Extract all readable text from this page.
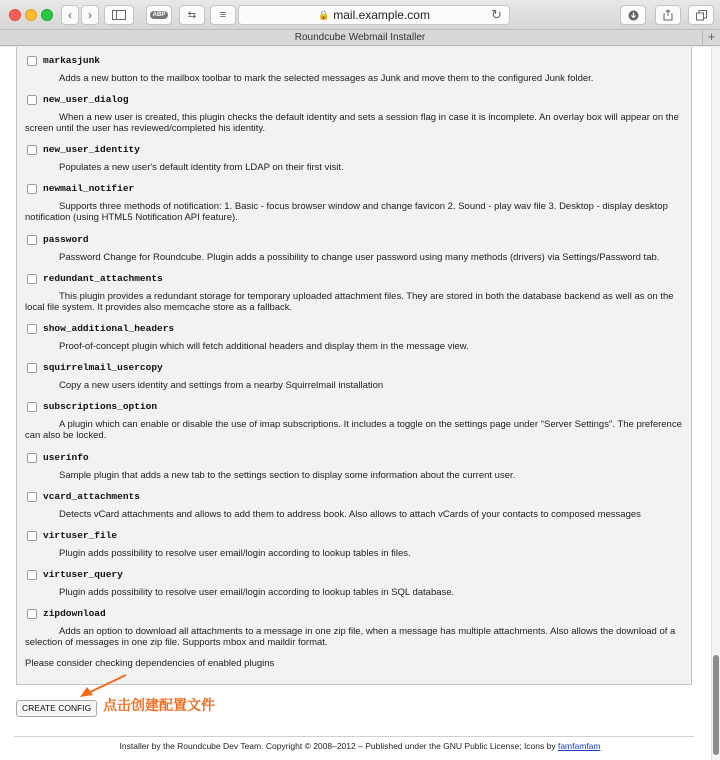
‹ ›	ABP	⇆ ≡	🔒 mail.example.com	↻
Roundcube Webmail Installer	+
markasjunk
Adds a new button to the mailbox toolbar to mark the selected messages as Junk and move them to the configured Junk folder.
new_user_dialog
When a new user is created, this plugin checks the default identity and sets a session flag in case it is incomplete. An overlay box will appear on the screen until the user has reviewed/completed his identity.
new_user_identity
Populates a new user's default identity from LDAP on their first visit.
newmail_notifier
Supports three methods of notification: 1. Basic - focus browser window and change favicon 2. Sound - play wav file 3. Desktop - display desktop notification (using HTML5 Notification API feature).
password
Password Change for Roundcube. Plugin adds a possibility to change user password using many methods (drivers) via Settings/Password tab.
redundant_attachments
This plugin provides a redundant storage for temporary uploaded attachment files. They are stored in both the database backend as well as on the local file system. It provides also memcache store as a fallback.
show_additional_headers
Proof-of-concept plugin which will fetch additional headers and display them in the message view.
squirrelmail_usercopy
Copy a new users identity and settings from a nearby Squirrelmail installation
subscriptions_option
A plugin which can enable or disable the use of imap subscriptions. It includes a toggle on the settings page under "Server Settings". The preference can also be locked.
userinfo
Sample plugin that adds a new tab to the settings section to display some information about the current user.
vcard_attachments
Detects vCard attachments and allows to add them to address book. Also allows to attach vCards of your contacts to composed messages
virtuser_file
Plugin adds possibility to resolve user email/login according to lookup tables in files.
virtuser_query
Plugin adds possibility to resolve user email/login according to lookup tables in SQL database.
zipdownload
Adds an option to download all attachments to a message in one zip file, when a message has multiple attachments. Also allows the download of a selection of messages in one zip file. Supports mbox and maildir format.
Please consider checking dependencies of enabled plugins
CREATE CONFIG 点击创建配置文件
Installer by the Roundcube Dev Team. Copyright © 2008–2012 – Published under the GNU Public License; Icons by famfamfam
